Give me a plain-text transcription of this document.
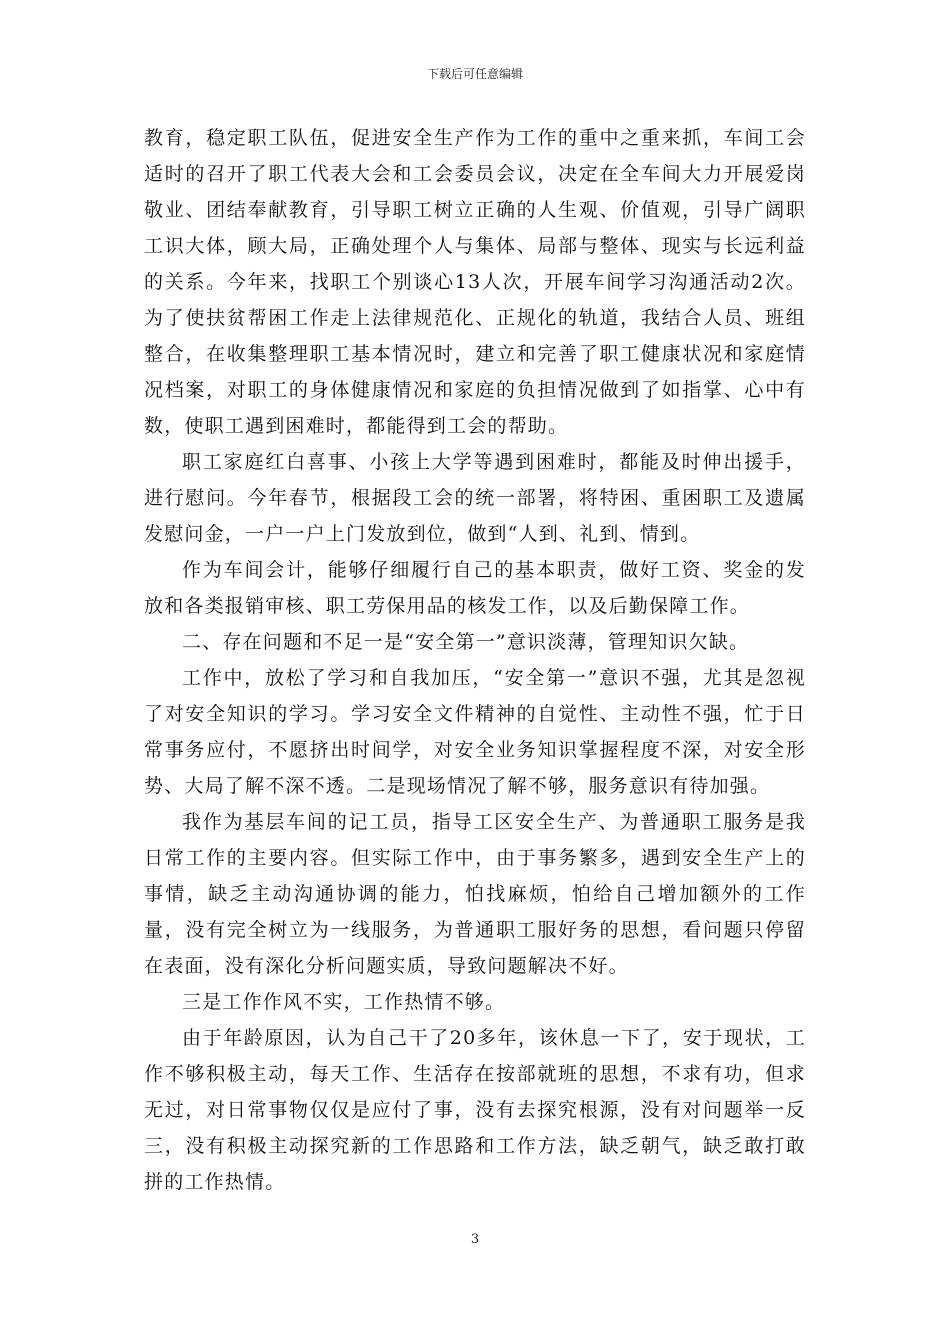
下载后可任意编辑

教育，稳定职工队伍，促进安全生产作为工作的重中之重来抓，车间工会适时的召开了职工代表大会和工会委员会议，决定在全车间大力开展爱岗敬业、团结奉献教育，引导职工树立正确的人生观、价值观，引导广阔职工识大体，顾大局，正确处理个人与集体、局部与整体、现实与长远利益的关系。今年来，找职工个别谈心13人次，开展车间学习沟通活动2次。为了使扶贫帮困工作走上法律规范化、正规化的轨道，我结合人员、班组整合，在收集整理职工基本情况时，建立和完善了职工健康状况和家庭情况档案，对职工的身体健康情况和家庭的负担情况做到了如指掌、心中有数，使职工遇到困难时，都能得到工会的帮助。

职工家庭红白喜事、小孩上大学等遇到困难时，都能及时伸出援手，进行慰问。今年春节，根据段工会的统一部署，将特困、重困职工及遗属发慰问金，一户一户上门发放到位，做到“人到、礼到、情到。

作为车间会计，能够仔细履行自己的基本职责，做好工资、奖金的发放和各类报销审核、职工劳保用品的核发工作，以及后勤保障工作。

二、存在问题和不足一是“安全第一”意识淡薄，管理知识欠缺。

工作中，放松了学习和自我加压，“安全第一”意识不强，尤其是忽视了对安全知识的学习。学习安全文件精神的自觉性、主动性不强，忙于日常事务应付，不愿挤出时间学，对安全业务知识掌握程度不深，对安全形势、大局了解不深不透。二是现场情况了解不够，服务意识有待加强。

我作为基层车间的记工员，指导工区安全生产、为普通职工服务是我日常工作的主要内容。但实际工作中，由于事务繁多，遇到安全生产上的事情，缺乏主动沟通协调的能力，怕找麻烦，怕给自己增加额外的工作量，没有完全树立为一线服务，为普通职工服好务的思想，看问题只停留在表面，没有深化分析问题实质，导致问题解决不好。

三是工作作风不实，工作热情不够。

由于年龄原因，认为自己干了20多年，该休息一下了，安于现状，工作不够积极主动，每天工作、生活存在按部就班的思想，不求有功，但求无过，对日常事物仅仅是应付了事，没有去探究根源，没有对问题举一反三，没有积极主动探究新的工作思路和工作方法，缺乏朝气，缺乏敢打敢拼的工作热情。

3
